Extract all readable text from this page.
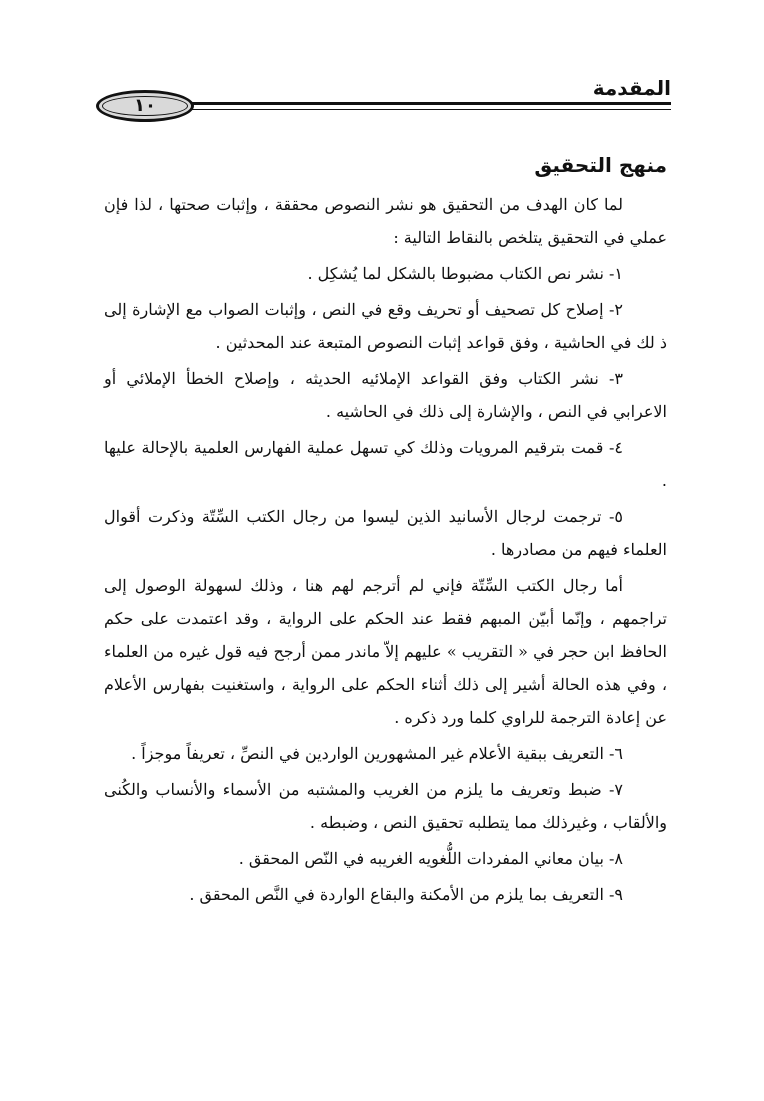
المقدمة
١٠
منهج التحقيق

لما كان الهدف من التحقيق هو نشر النصوص محققة ، وإثبات صحتها ، لذا فإن عملي في التحقيق يتلخص بالنقاط التالية :

١- نشر نص الكتاب مضبوطا بالشكل لما يُشكِل .

٢- إصلاح كل تصحيف أو تحريف وقع في النص ، وإثبات الصواب مع الإشارة إلى ذ لك في الحاشية ، وفق قواعد إثبات النصوص المتبعة عند المحدثين .

٣- نشر الكتاب وفق القواعد الإملائيه الحديثه ، وإصلاح الخطأ الإملائي أو الاعرابي في النص ، والإشارة إلى ذلك في الحاشيه .

٤- قمت بترقيم المرويات وذلك كي تسهل عملية الفهارس العلمية بالإحالة عليها .

٥- ترجمت لرجال الأسانيد الذين ليسوا من رجال الكتب السِّتّة وذكرت أقوال العلماء فيهم من مصادرها .

أما رجال الكتب السِّتّة فإني لم أترجم لهم هنا ، وذلك لسهولة الوصول إلى تراجمهم ، وإنّما أبيّن المبهم فقط عند الحكم على الرواية ، وقد اعتمدت على حكم الحافظ ابن حجر في « التقريب » عليهم إلاّ ماندر ممن أرجح فيه قول غيره من العلماء ، وفي هذه الحالة أشير إلى ذلك أثناء الحكم على الرواية ، واستغنيت بفهارس الأعلام عن إعادة الترجمة للراوي كلما ورد ذكره .

٦- التعريف ببقية الأعلام غير المشهورين الواردين في النصِّ ، تعريفاً موجزاً .

٧- ضبط وتعريف ما يلزم من الغريب والمشتبه من الأسماء والأنساب والكُنى والألقاب ، وغيرذلك مما يتطلبه تحقيق النص ، وضبطه .

٨- بيان معاني المفردات اللُّغويه الغريبه في النّص المحقق .

٩- التعريف بما يلزم من الأمكنة والبقاع الواردة في النَّص المحقق .
